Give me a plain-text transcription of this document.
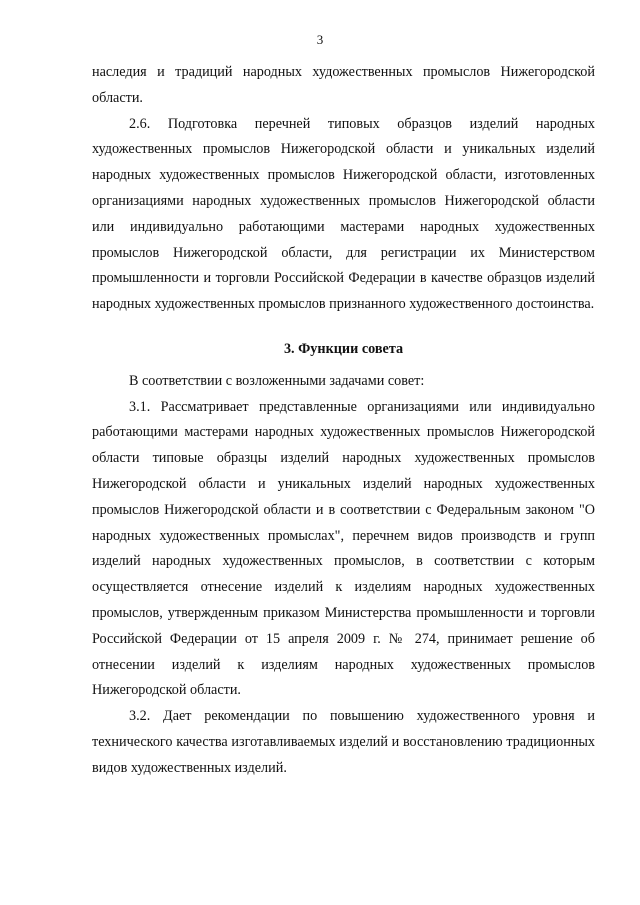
3

наследия и традиций народных художественных промыслов Нижегородской области.

2.6. Подготовка перечней типовых образцов изделий народных художественных промыслов Нижегородской области и уникальных изделий народных художественных промыслов Нижегородской области, изготовленных организациями народных художественных промыслов Нижегородской области или индивидуально работающими мастерами народных художественных промыслов Нижегородской области, для регистрации их Министерством промышленности и торговли Российской Федерации в качестве образцов изделий народных художественных промыслов признанного художественного достоинства.

3. Функции совета

В соответствии с возложенными задачами совет:

3.1. Рассматривает представленные организациями или индивидуально работающими мастерами народных художественных промыслов Нижегородской области типовые образцы изделий народных художественных промыслов Нижегородской области и уникальных изделий народных художественных промыслов Нижегородской области и в соответствии с Федеральным законом "О народных художественных промыслах", перечнем видов производств и групп изделий народных художественных промыслов, в соответствии с которым осуществляется отнесение изделий к изделиям народных художественных промыслов, утвержденным приказом Министерства промышленности и торговли Российской Федерации от 15 апреля 2009 г. № 274, принимает решение об отнесении изделий к изделиям народных художественных промыслов Нижегородской области.

3.2. Дает рекомендации по повышению художественного уровня и технического качества изготавливаемых изделий и восстановлению традиционных видов художественных изделий.
